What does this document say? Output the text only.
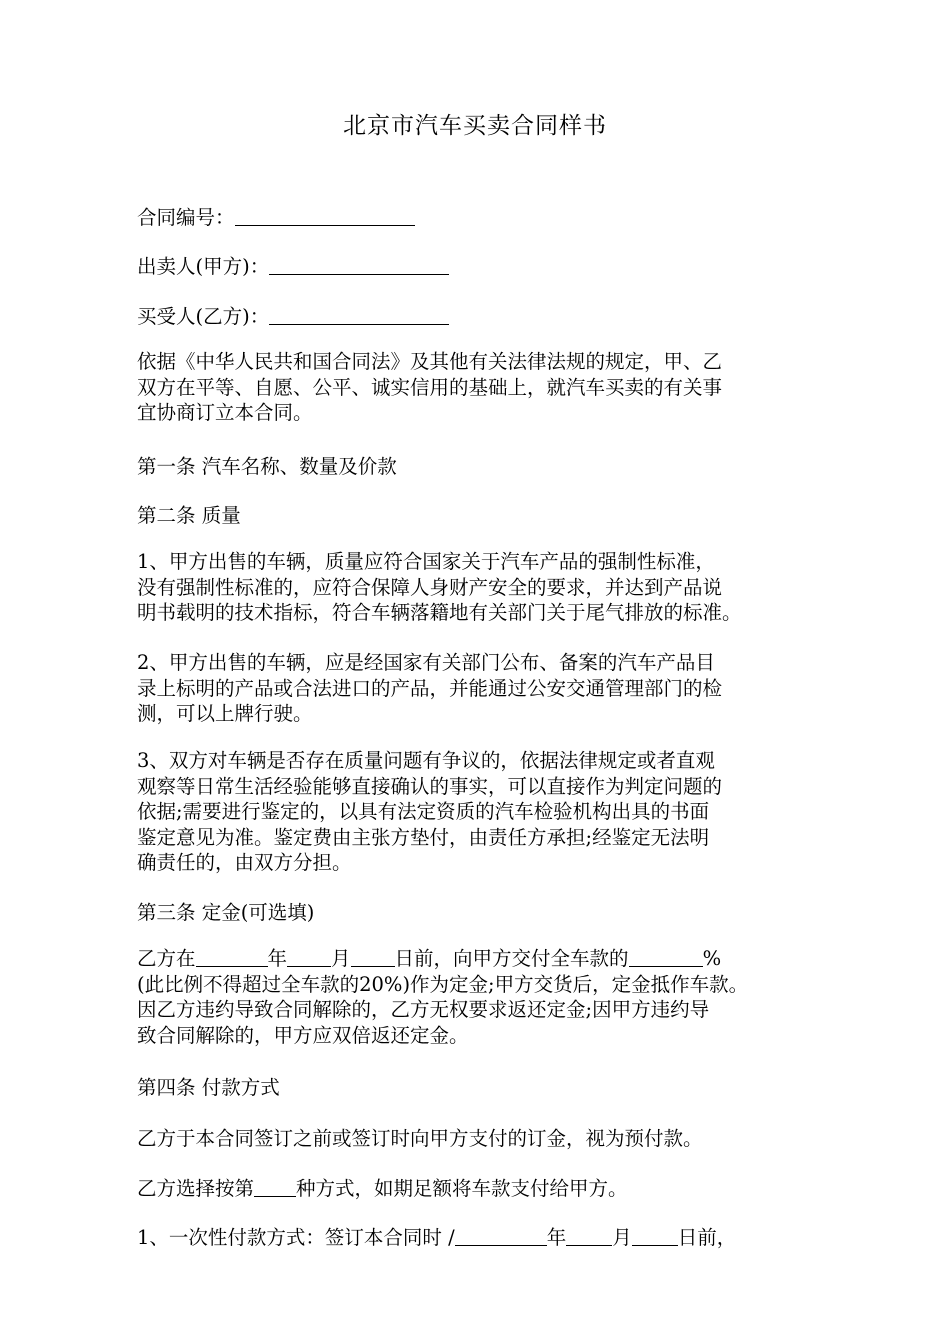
北京市汽车买卖合同样书
合同编号：
出卖人(甲方)：
买受人(乙方)：
依据《中华人民共和国合同法》及其他有关法律法规的规定，甲、乙
双方在平等、自愿、公平、诚实信用的基础上，就汽车买卖的有关事
宜协商订立本合同。
第一条 汽车名称、数量及价款
第二条 质量
1、甲方出售的车辆，质量应符合国家关于汽车产品的强制性标准，
没有强制性标准的，应符合保障人身财产安全的要求，并达到产品说
明书载明的技术指标，符合车辆落籍地有关部门关于尾气排放的标准。
2、甲方出售的车辆，应是经国家有关部门公布、备案的汽车产品目
录上标明的产品或合法进口的产品，并能通过公安交通管理部门的检
测，可以上牌行驶。
3、双方对车辆是否存在质量问题有争议的，依据法律规定或者直观
观察等日常生活经验能够直接确认的事实，可以直接作为判定问题的
依据;需要进行鉴定的，以具有法定资质的汽车检验机构出具的书面
鉴定意见为准。鉴定费由主张方垫付，由责任方承担;经鉴定无法明
确责任的，由双方分担。
第三条 定金(可选填)
乙方在	年 月 日前，向甲方交付全车款的	%
(此比例不得超过全车款的20%)作为定金;甲方交货后，定金抵作车款。
因乙方违约导致合同解除的，乙方无权要求返还定金;因甲方违约导
致合同解除的，甲方应双倍返还定金。
第四条 付款方式
乙方于本合同签订之前或签订时向甲方支付的订金，视为预付款。
乙方选择按第 种方式，如期足额将车款支付给甲方。
1、一次性付款方式：签订本合同时 /	年 月 日前，
